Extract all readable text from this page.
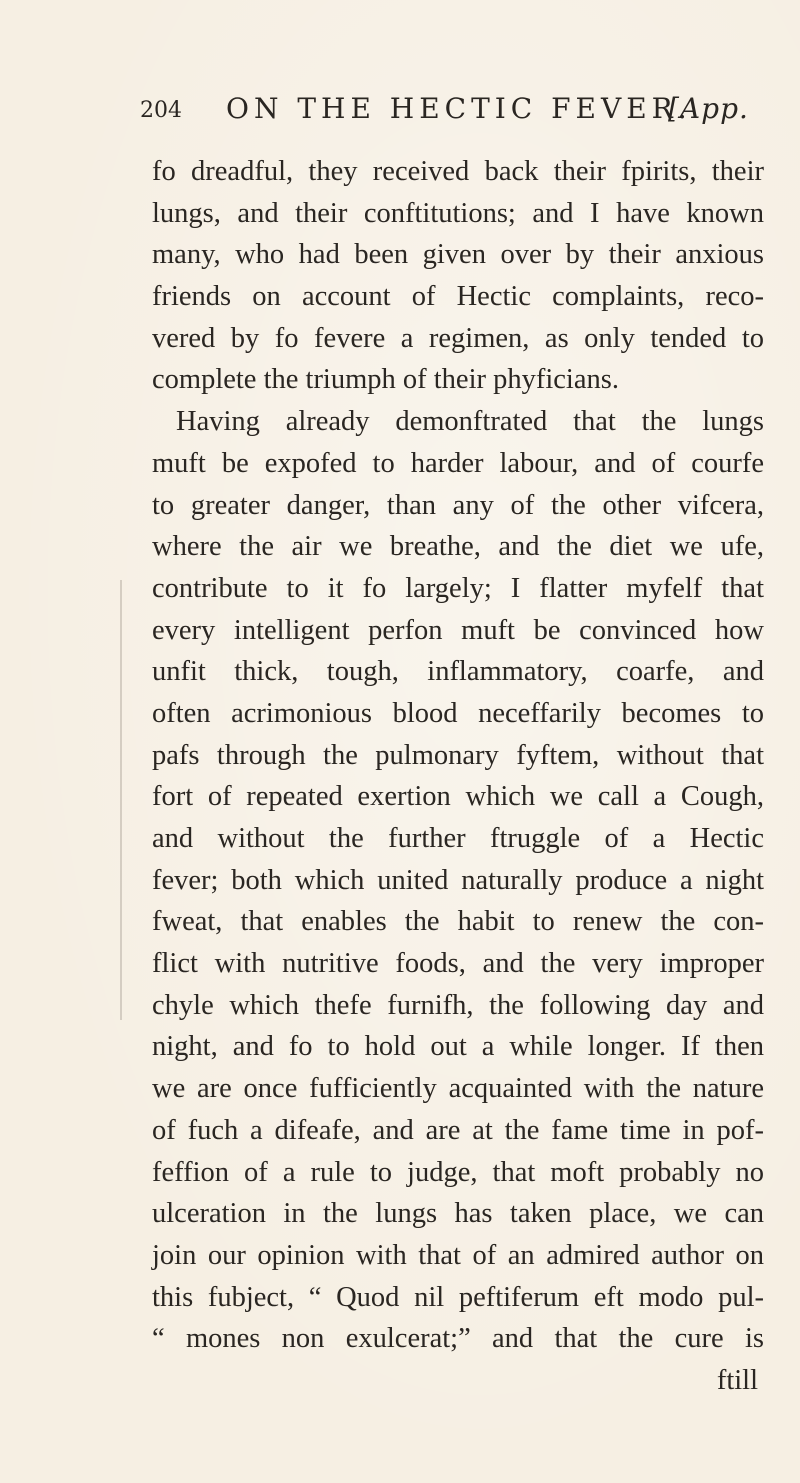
204 ON THE HECTIC FEVER.
[App.
fo dreadful, they received back their fpirits, their
lungs, and their conftitutions; and I have known
many, who had been given over by their anxious
friends on account of Hectic complaints, reco-
vered by fo fevere a regimen, as only tended to
complete the triumph of their phyficians.
Having already demonftrated that the lungs
muft be expofed to harder labour, and of courfe
to greater danger, than any of the other vifcera,
where the air we breathe, and the diet we ufe,
contribute to it fo largely; I flatter myfelf that
every intelligent perfon muft be convinced how
unfit thick, tough, inflammatory, coarfe, and
often acrimonious blood neceffarily becomes to
pafs through the pulmonary fyftem, without that
fort of repeated exertion which we call a Cough,
and without the further ftruggle of a Hectic
fever; both which united naturally produce a night
fweat, that enables the habit to renew the con-
flict with nutritive foods, and the very improper
chyle which thefe furnifh, the following day and
night, and fo to hold out a while longer. If then
we are once fufficiently acquainted with the nature
of fuch a difeafe, and are at the fame time in pof-
feffion of a rule to judge, that moft probably no
ulceration in the lungs has taken place, we can
join our opinion with that of an admired author on
this fubject, “ Quod nil peftiferum eft modo pul-
“ mones non exulcerat;” and that the cure is
ftill
